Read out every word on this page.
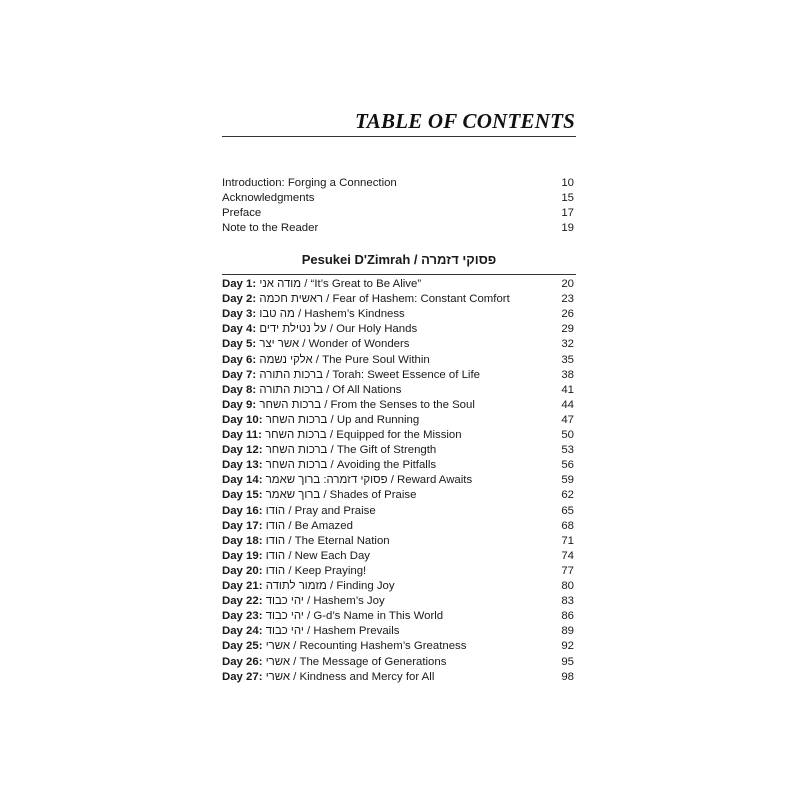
TABLE OF CONTENTS
Introduction: Forging a Connection	10
Acknowledgments	15
Preface	17
Note to the Reader	19
Pesukei D'Zimrah / פסוקי דזמרה
Day 1: מודה אני / “It’s Great to Be Alive”	20
Day 2: ראשית חכמה / Fear of Hashem: Constant Comfort	23
Day 3: מה טבו / Hashem’s Kindness	26
Day 4: על נטילת ידים / Our Holy Hands	29
Day 5: אשר יצר / Wonder of Wonders	32
Day 6: אלקי נשמה / The Pure Soul Within	35
Day 7: ברכות התורה / Torah: Sweet Essence of Life	38
Day 8: ברכות התורה / Of All Nations	41
Day 9: ברכות השחר / From the Senses to the Soul	44
Day 10: ברכות השחר / Up and Running	47
Day 11: ברכות השחר / Equipped for the Mission	50
Day 12: ברכות השחר / The Gift of Strength	53
Day 13: ברכות השחר / Avoiding the Pitfalls	56
Day 14: פסוקי דזמרה: ברוך שאמר / Reward Awaits	59
Day 15: ברוך שאמר / Shades of Praise	62
Day 16: הודו / Pray and Praise	65
Day 17: הודו / Be Amazed	68
Day 18: הודו / The Eternal Nation	71
Day 19: הודו / New Each Day	74
Day 20: הודו / Keep Praying!	77
Day 21: מזמור לתודה / Finding Joy	80
Day 22: יהי כבוד / Hashem’s Joy	83
Day 23: יהי כבוד / G-d’s Name in This World	86
Day 24: יהי כבוד / Hashem Prevails	89
Day 25: אשרי / Recounting Hashem’s Greatness	92
Day 26: אשרי / The Message of Generations	95
Day 27: אשרי / Kindness and Mercy for All	98
